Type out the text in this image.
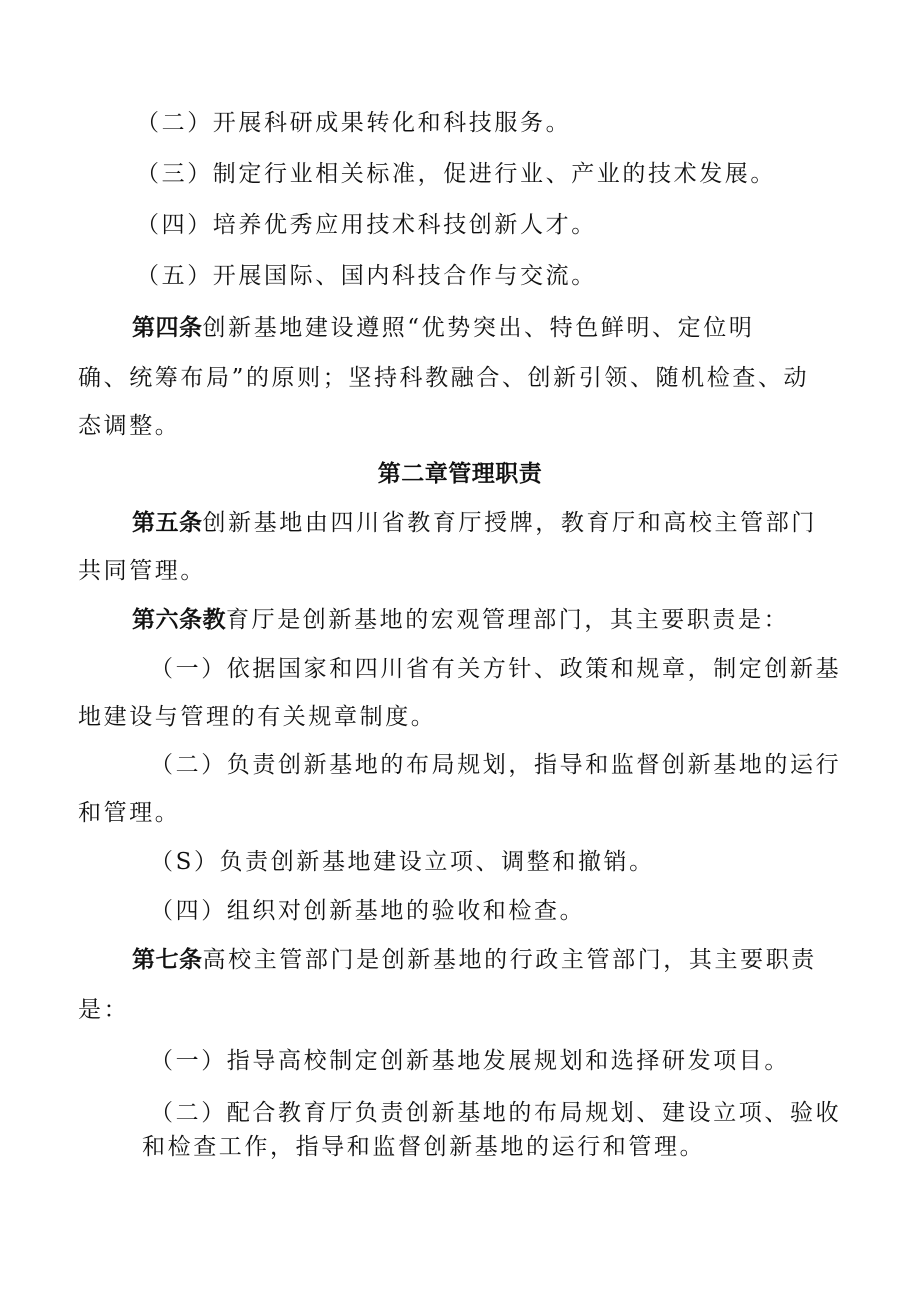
（二）开展科研成果转化和科技服务。
（三）制定行业相关标准，促进行业、产业的技术发展。
（四）培养优秀应用技术科技创新人才。
（五）开展国际、国内科技合作与交流。
第四条创新基地建设遵照“优势突出、特色鲜明、定位明
确、统筹布局”的原则；坚持科教融合、创新引领、随机检查、动
态调整。
第二章管理职责
第五条创新基地由四川省教育厅授牌，教育厅和高校主管部门
共同管理。
第六条教育厅是创新基地的宏观管理部门，其主要职责是：
（一）依据国家和四川省有关方针、政策和规章，制定创新基
地建设与管理的有关规章制度。
（二）负责创新基地的布局规划，指导和监督创新基地的运行
和管理。
（S）负责创新基地建设立项、调整和撤销。
（四）组织对创新基地的验收和检查。
第七条高校主管部门是创新基地的行政主管部门，其主要职责
是：
（一）指导高校制定创新基地发展规划和选择研发项目。
（二）配合教育厅负责创新基地的布局规划、建设立项、验收
和检查工作，指导和监督创新基地的运行和管理。
